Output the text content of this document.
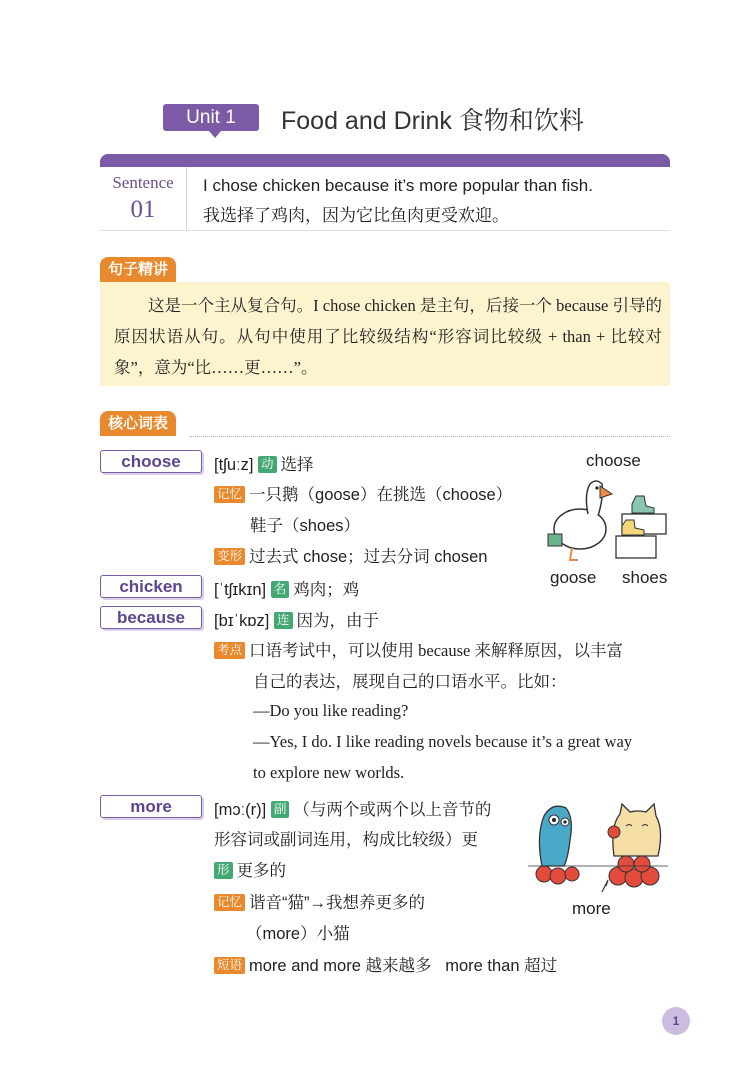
Unit 1	Food and Drink 食物和饮料
Sentence
01
I chose chicken because it’s more popular than fish.
我选择了鸡肉，因为它比鱼肉更受欢迎。
句子精讲
这是一个主从复合句。I chose chicken 是主句，后接一个 because 引导的原因状语从句。从句中使用了比较级结构“形容词比较级 + than + 比较对象”，意为“比……更……”。
核心词表
choose	[tʃuːz] 动 选择
记忆 一只鹅（goose）在挑选（choose）
鞋子（shoes）
变形 过去式 chose；过去分词 chosen
choose
goose shoes
chicken	[ˈtʃɪkɪn] 名 鸡肉；鸡
because	[bɪˈkɒz] 连 因为，由于
考点 口语考试中，可以使用 because 来解释原因，以丰富
自己的表达，展现自己的口语水平。比如：
—Do you like reading?
—Yes, I do. I like reading novels because it’s a great way
to explore new worlds.
more	[mɔː(r)] 副 （与两个或两个以上音节的
形容词或副词连用，构成比较级）更
形 更多的
记忆 谐音“猫”→我想养更多的
（more）小猫
短语 more and more 越来越多 more than 超过
more
1
